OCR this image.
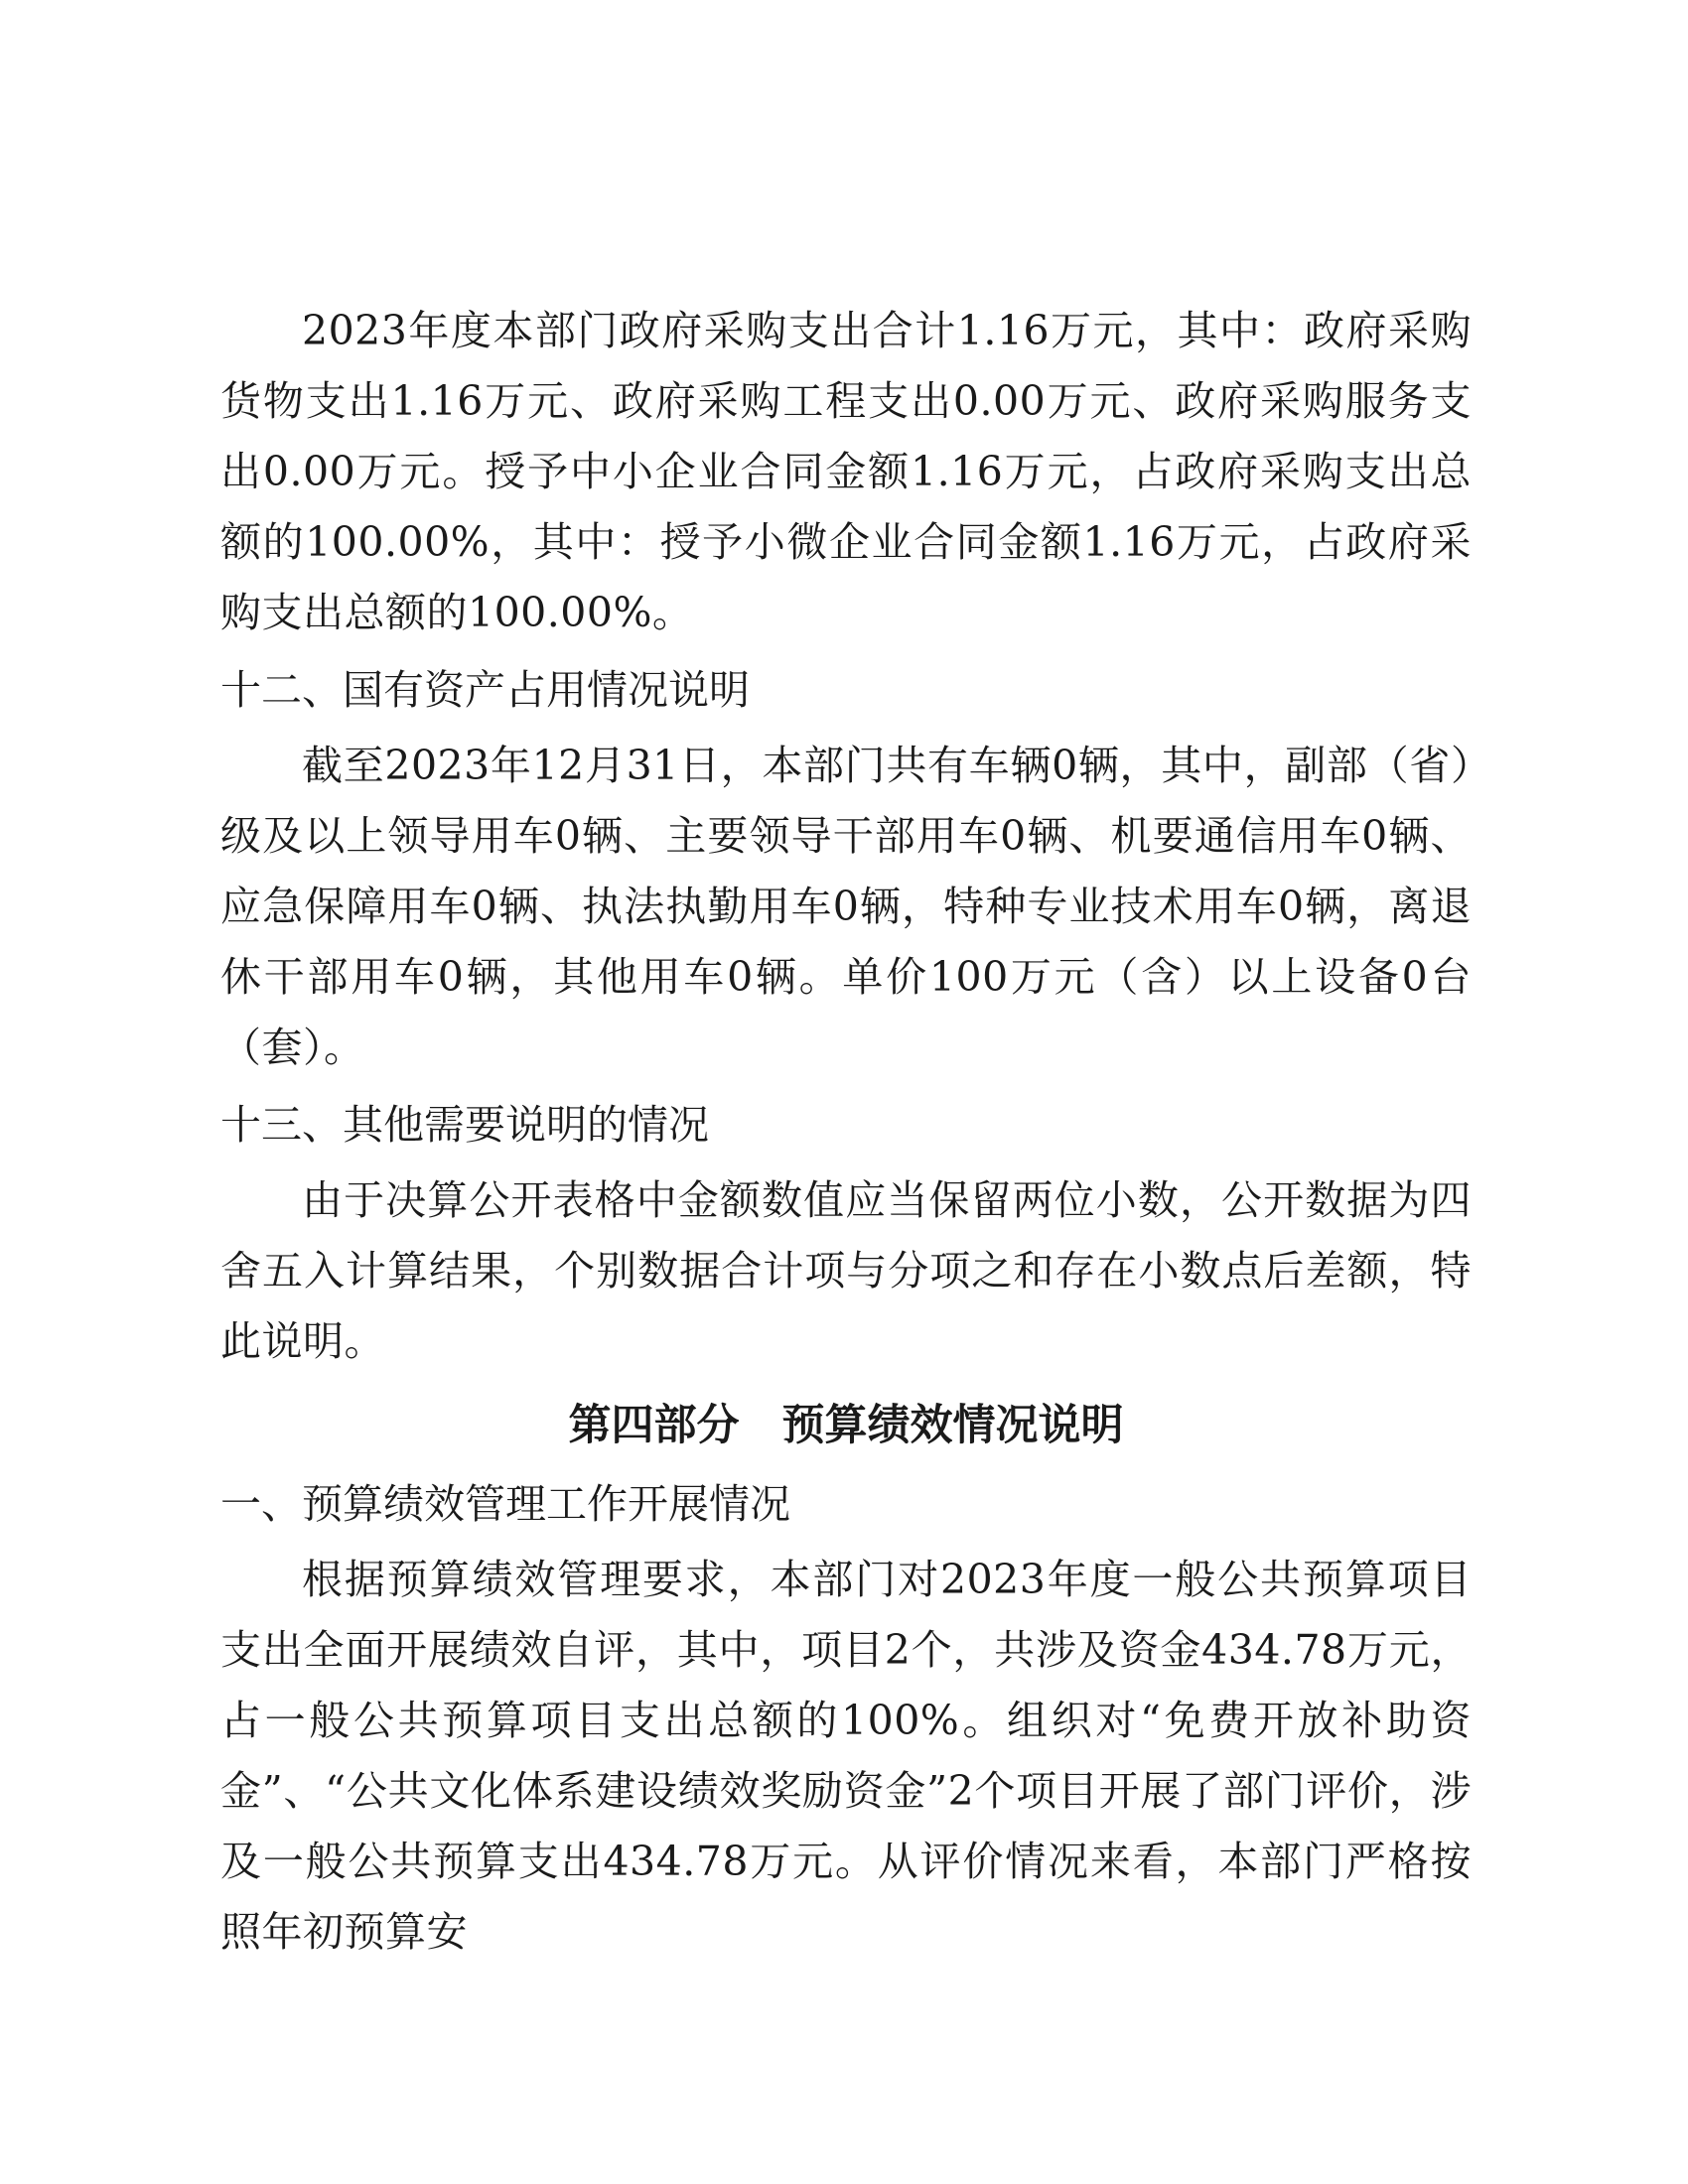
2023年度本部门政府采购支出合计1.16万元，其中：政府采购货物支出1.16万元、政府采购工程支出0.00万元、政府采购服务支出0.00万元。授予中小企业合同金额1.16万元，占政府采购支出总额的100.00%，其中：授予小微企业合同金额1.16万元，占政府采购支出总额的100.00%。

十二、国有资产占用情况说明

截至2023年12月31日，本部门共有车辆0辆，其中，副部（省）级及以上领导用车0辆、主要领导干部用车0辆、机要通信用车0辆、应急保障用车0辆、执法执勤用车0辆，特种专业技术用车0辆，离退休干部用车0辆，其他用车0辆。单价100万元（含）以上设备0台（套）。

十三、其他需要说明的情况

由于决算公开表格中金额数值应当保留两位小数，公开数据为四舍五入计算结果，个别数据合计项与分项之和存在小数点后差额，特此说明。

第四部分　预算绩效情况说明
一、预算绩效管理工作开展情况

根据预算绩效管理要求，本部门对2023年度一般公共预算项目支出全面开展绩效自评，其中，项目2个，共涉及资金434.78万元，占一般公共预算项目支出总额的100%。组织对“免费开放补助资金”、“公共文化体系建设绩效奖励资金”2个项目开展了部门评价，涉及一般公共预算支出434.78万元。从评价情况来看，本部门严格按照年初预算安
